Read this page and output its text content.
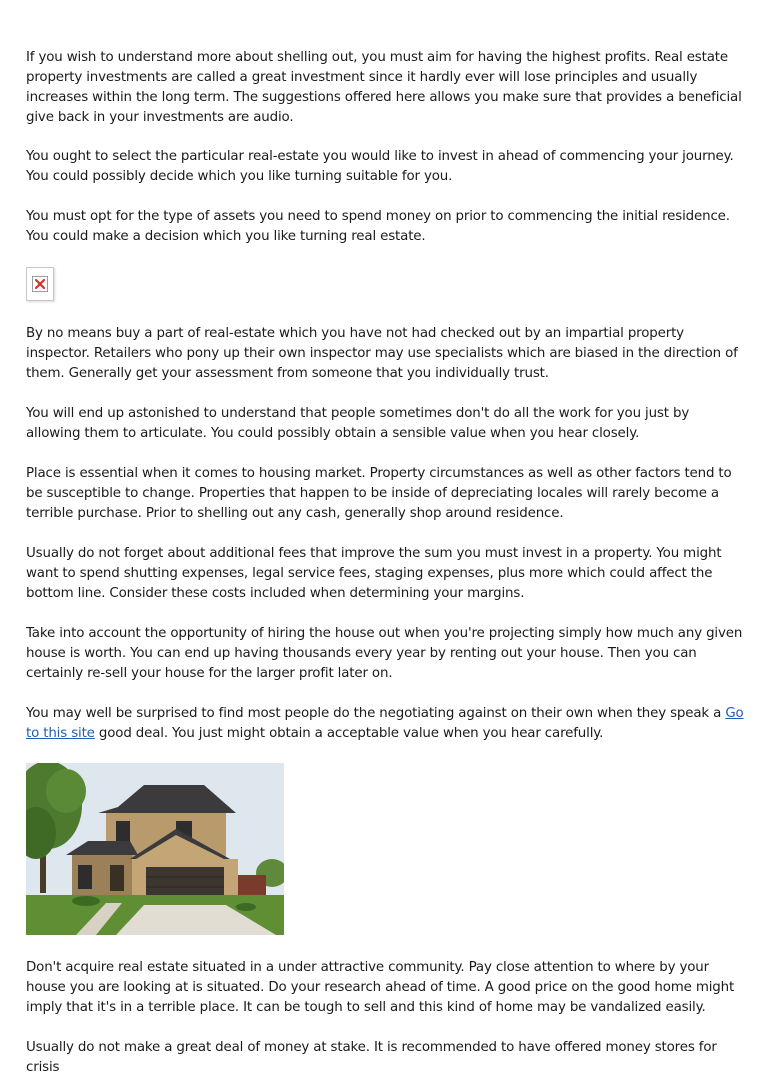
If you wish to understand more about shelling out, you must aim for having the highest profits. Real estate property investments are called a great investment since it hardly ever will lose principles and usually increases within the long term. The suggestions offered here allows you make sure that provides a beneficial give back in your investments are audio.

You ought to select the particular real-estate you would like to invest in ahead of commencing your journey. You could possibly decide which you like turning suitable for you.

You must opt for the type of assets you need to spend money on prior to commencing the initial residence. You could make a decision which you like turning real estate.

By no means buy a part of real-estate which you have not had checked out by an impartial property inspector. Retailers who pony up their own inspector may use specialists which are biased in the direction of them. Generally get your assessment from someone that you individually trust.

You will end up astonished to understand that people sometimes don't do all the work for you just by allowing them to articulate. You could possibly obtain a sensible value when you hear closely.

Place is essential when it comes to housing market. Property circumstances as well as other factors tend to be susceptible to change. Properties that happen to be inside of depreciating locales will rarely become a terrible purchase. Prior to shelling out any cash, generally shop around residence.

Usually do not forget about additional fees that improve the sum you must invest in a property. You might want to spend shutting expenses, legal service fees, staging expenses, plus more which could affect the bottom line. Consider these costs included when determining your margins.

Take into account the opportunity of hiring the house out when you're projecting simply how much any given house is worth. You can end up having thousands every year by renting out your house. Then you can certainly re-sell your house for the larger profit later on.

You may well be surprised to find most people do the negotiating against on their own when they speak a Go to this site good deal. You just might obtain a acceptable value when you hear carefully.

Don't acquire real estate situated in a under attractive community. Pay close attention to where by your house you are looking at is situated. Do your research ahead of time. A good price on the good home might imply that it's in a terrible place. It can be tough to sell and this kind of home may be vandalized easily.

Usually do not make a great deal of money at stake. It is recommended to have offered money stores for crisis
